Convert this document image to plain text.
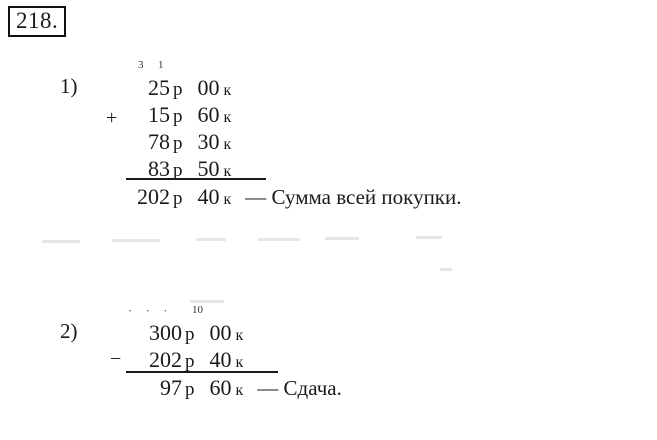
218.
1)
+
3 1
25 р 00 к
15 р 60 к
78 р 30 к
83 р 50 к
202 р 40 к — Сумма всей покупки.
2)
−
· · · 10
300 р 00 к
202 р 40 к
97 р 60 к — Сдача.
